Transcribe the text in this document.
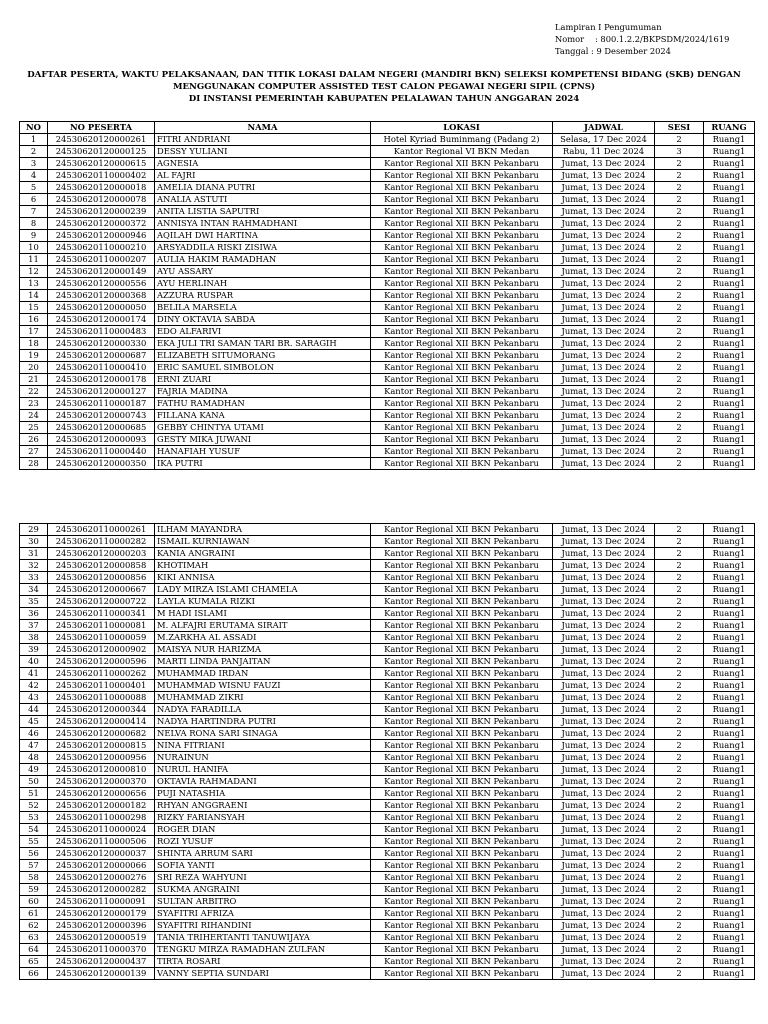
Lampiran I Pengumuman
Nomor : 800.1.2.2/BKPSDM/2024/1619
Tanggal : 9 Desember 2024
DAFTAR PESERTA, WAKTU PELAKSANAAN, DAN TITIK LOKASI DALAM NEGERI (MANDIRI BKN) SELEKSI KOMPETENSI BIDANG (SKB) DENGAN
MENGGUNAKAN COMPUTER ASSISTED TEST CALON PEGAWAI NEGERI SIPIL (CPNS)
DI INSTANSI PEMERINTAH KABUPATEN PELALAWAN TAHUN ANGGARAN 2024
NO	NO PESERTA	NAMA	LOKASI	JADWAL	SESI	RUANG
1	24530620120000261	FITRI ANDRIANI	Hotel Kyriad Buminmang (Padang 2)	Selasa, 17 Dec 2024	2	Ruang1
2	24530620120000125	DESSY YULIANI	Kantor Regional VI BKN Medan	Rabu, 11 Dec 2024	3	Ruang1
3	24530620120000615	AGNESIA	Kantor Regional XII BKN Pekanbaru	Jumat, 13 Dec 2024	2	Ruang1
4	24530620110000402	AL FAJRI	Kantor Regional XII BKN Pekanbaru	Jumat, 13 Dec 2024	2	Ruang1
5	24530620120000018	AMELIA DIANA PUTRI	Kantor Regional XII BKN Pekanbaru	Jumat, 13 Dec 2024	2	Ruang1
6	24530620120000078	ANALIA ASTUTI	Kantor Regional XII BKN Pekanbaru	Jumat, 13 Dec 2024	2	Ruang1
7	24530620120000239	ANITA LISTIA SAPUTRI	Kantor Regional XII BKN Pekanbaru	Jumat, 13 Dec 2024	2	Ruang1
8	24530620120000372	ANNISYA INTAN RAHMADHANI	Kantor Regional XII BKN Pekanbaru	Jumat, 13 Dec 2024	2	Ruang1
9	24530620120000946	AQILAH DWI HARTINA	Kantor Regional XII BKN Pekanbaru	Jumat, 13 Dec 2024	2	Ruang1
10	24530620110000210	ARSYADDILA RISKI ZISIWA	Kantor Regional XII BKN Pekanbaru	Jumat, 13 Dec 2024	2	Ruang1
11	24530620110000207	AULIA HAKIM RAMADHAN	Kantor Regional XII BKN Pekanbaru	Jumat, 13 Dec 2024	2	Ruang1
12	24530620120000149	AYU ASSARY	Kantor Regional XII BKN Pekanbaru	Jumat, 13 Dec 2024	2	Ruang1
13	24530620120000556	AYU HERLINAH	Kantor Regional XII BKN Pekanbaru	Jumat, 13 Dec 2024	2	Ruang1
14	24530620120000368	AZZURA RUSPAR	Kantor Regional XII BKN Pekanbaru	Jumat, 13 Dec 2024	2	Ruang1
15	24530620120000050	BELILA MARSELA	Kantor Regional XII BKN Pekanbaru	Jumat, 13 Dec 2024	2	Ruang1
16	24530620120000174	DINY OKTAVIA SABDA	Kantor Regional XII BKN Pekanbaru	Jumat, 13 Dec 2024	2	Ruang1
17	24530620110000483	EDO ALFARIVI	Kantor Regional XII BKN Pekanbaru	Jumat, 13 Dec 2024	2	Ruang1
18	24530620120000330	EKA JULI TRI SAMAN TARI BR. SARAGIH	Kantor Regional XII BKN Pekanbaru	Jumat, 13 Dec 2024	2	Ruang1
19	24530620120000687	ELIZABETH SITUMORANG	Kantor Regional XII BKN Pekanbaru	Jumat, 13 Dec 2024	2	Ruang1
20	24530620110000410	ERIC SAMUEL SIMBOLON	Kantor Regional XII BKN Pekanbaru	Jumat, 13 Dec 2024	2	Ruang1
21	24530620120000178	ERNI ZUARI	Kantor Regional XII BKN Pekanbaru	Jumat, 13 Dec 2024	2	Ruang1
22	24530620120000127	FAJRIA MADINA	Kantor Regional XII BKN Pekanbaru	Jumat, 13 Dec 2024	2	Ruang1
23	24530620110000187	FATHU RAMADHAN	Kantor Regional XII BKN Pekanbaru	Jumat, 13 Dec 2024	2	Ruang1
24	24530620120000743	FILLANA KANA	Kantor Regional XII BKN Pekanbaru	Jumat, 13 Dec 2024	2	Ruang1
25	24530620120000685	GEBBY CHINTYA UTAMI	Kantor Regional XII BKN Pekanbaru	Jumat, 13 Dec 2024	2	Ruang1
26	24530620120000093	GESTY MIKA JUWANI	Kantor Regional XII BKN Pekanbaru	Jumat, 13 Dec 2024	2	Ruang1
27	24530620110000440	HANAFIAH YUSUF	Kantor Regional XII BKN Pekanbaru	Jumat, 13 Dec 2024	2	Ruang1
28	24530620120000350	IKA PUTRI	Kantor Regional XII BKN Pekanbaru	Jumat, 13 Dec 2024	2	Ruang1
29	24530620110000261	ILHAM MAYANDRA	Kantor Regional XII BKN Pekanbaru	Jumat, 13 Dec 2024	2	Ruang1
30	24530620110000282	ISMAIL KURNIAWAN	Kantor Regional XII BKN Pekanbaru	Jumat, 13 Dec 2024	2	Ruang1
31	24530620120000203	KANIA ANGRAINI	Kantor Regional XII BKN Pekanbaru	Jumat, 13 Dec 2024	2	Ruang1
32	24530620120000858	KHOTIMAH	Kantor Regional XII BKN Pekanbaru	Jumat, 13 Dec 2024	2	Ruang1
33	24530620120000856	KIKI ANNISA	Kantor Regional XII BKN Pekanbaru	Jumat, 13 Dec 2024	2	Ruang1
34	24530620120000667	LADY MIRZA ISLAMI CHAMELA	Kantor Regional XII BKN Pekanbaru	Jumat, 13 Dec 2024	2	Ruang1
35	24530620120000722	LAYLA KUMALA RIZKI	Kantor Regional XII BKN Pekanbaru	Jumat, 13 Dec 2024	2	Ruang1
36	24530620110000341	M HADI ISLAMI	Kantor Regional XII BKN Pekanbaru	Jumat, 13 Dec 2024	2	Ruang1
37	24530620110000081	M. ALFAJRI ERUTAMA SIRAIT	Kantor Regional XII BKN Pekanbaru	Jumat, 13 Dec 2024	2	Ruang1
38	24530620110000059	M.ZARKHA AL ASSADI	Kantor Regional XII BKN Pekanbaru	Jumat, 13 Dec 2024	2	Ruang1
39	24530620120000902	MAISYA NUR HARIZMA	Kantor Regional XII BKN Pekanbaru	Jumat, 13 Dec 2024	2	Ruang1
40	24530620120000596	MARTI LINDA PANJAITAN	Kantor Regional XII BKN Pekanbaru	Jumat, 13 Dec 2024	2	Ruang1
41	24530620110000262	MUHAMMAD IRDAN	Kantor Regional XII BKN Pekanbaru	Jumat, 13 Dec 2024	2	Ruang1
42	24530620110000401	MUHAMMAD WISNU FAUZI	Kantor Regional XII BKN Pekanbaru	Jumat, 13 Dec 2024	2	Ruang1
43	24530620110000088	MUHAMMAD ZIKRI	Kantor Regional XII BKN Pekanbaru	Jumat, 13 Dec 2024	2	Ruang1
44	24530620120000344	NADYA FARADILLA	Kantor Regional XII BKN Pekanbaru	Jumat, 13 Dec 2024	2	Ruang1
45	24530620120000414	NADYA HARTINDRA PUTRI	Kantor Regional XII BKN Pekanbaru	Jumat, 13 Dec 2024	2	Ruang1
46	24530620120000682	NELVA RONA SARI SINAGA	Kantor Regional XII BKN Pekanbaru	Jumat, 13 Dec 2024	2	Ruang1
47	24530620120000815	NINA FITRIANI	Kantor Regional XII BKN Pekanbaru	Jumat, 13 Dec 2024	2	Ruang1
48	24530620120000956	NURAINUN	Kantor Regional XII BKN Pekanbaru	Jumat, 13 Dec 2024	2	Ruang1
49	24530620120000810	NURUL HANIFA	Kantor Regional XII BKN Pekanbaru	Jumat, 13 Dec 2024	2	Ruang1
50	24530620120000370	OKTAVIA RAHMADANI	Kantor Regional XII BKN Pekanbaru	Jumat, 13 Dec 2024	2	Ruang1
51	24530620120000656	PUJI NATASHIA	Kantor Regional XII BKN Pekanbaru	Jumat, 13 Dec 2024	2	Ruang1
52	24530620120000182	RHYAN ANGGRAENI	Kantor Regional XII BKN Pekanbaru	Jumat, 13 Dec 2024	2	Ruang1
53	24530620110000298	RIZKY FARIANSYAH	Kantor Regional XII BKN Pekanbaru	Jumat, 13 Dec 2024	2	Ruang1
54	24530620110000024	ROGER DIAN	Kantor Regional XII BKN Pekanbaru	Jumat, 13 Dec 2024	2	Ruang1
55	24530620110000506	ROZI YUSUF	Kantor Regional XII BKN Pekanbaru	Jumat, 13 Dec 2024	2	Ruang1
56	24530620120000037	SHINTA ARRUM SARI	Kantor Regional XII BKN Pekanbaru	Jumat, 13 Dec 2024	2	Ruang1
57	24530620120000066	SOFIA YANTI	Kantor Regional XII BKN Pekanbaru	Jumat, 13 Dec 2024	2	Ruang1
58	24530620120000276	SRI REZA WAHYUNI	Kantor Regional XII BKN Pekanbaru	Jumat, 13 Dec 2024	2	Ruang1
59	24530620120000282	SUKMA ANGRAINI	Kantor Regional XII BKN Pekanbaru	Jumat, 13 Dec 2024	2	Ruang1
60	24530620110000091	SULTAN ARBITRO	Kantor Regional XII BKN Pekanbaru	Jumat, 13 Dec 2024	2	Ruang1
61	24530620120000179	SYAFITRI AFRIZA	Kantor Regional XII BKN Pekanbaru	Jumat, 13 Dec 2024	2	Ruang1
62	24530620120000396	SYAFITRI RIHANDINI	Kantor Regional XII BKN Pekanbaru	Jumat, 13 Dec 2024	2	Ruang1
63	24530620120000519	TANIA TRIHERTANTI TANUWIJAYA	Kantor Regional XII BKN Pekanbaru	Jumat, 13 Dec 2024	2	Ruang1
64	24530620110000370	TENGKU MIRZA RAMADHAN ZULFAN	Kantor Regional XII BKN Pekanbaru	Jumat, 13 Dec 2024	2	Ruang1
65	24530620120000437	TIRTA ROSARI	Kantor Regional XII BKN Pekanbaru	Jumat, 13 Dec 2024	2	Ruang1
66	24530620120000139	VANNY SEPTIA SUNDARI	Kantor Regional XII BKN Pekanbaru	Jumat, 13 Dec 2024	2	Ruang1
